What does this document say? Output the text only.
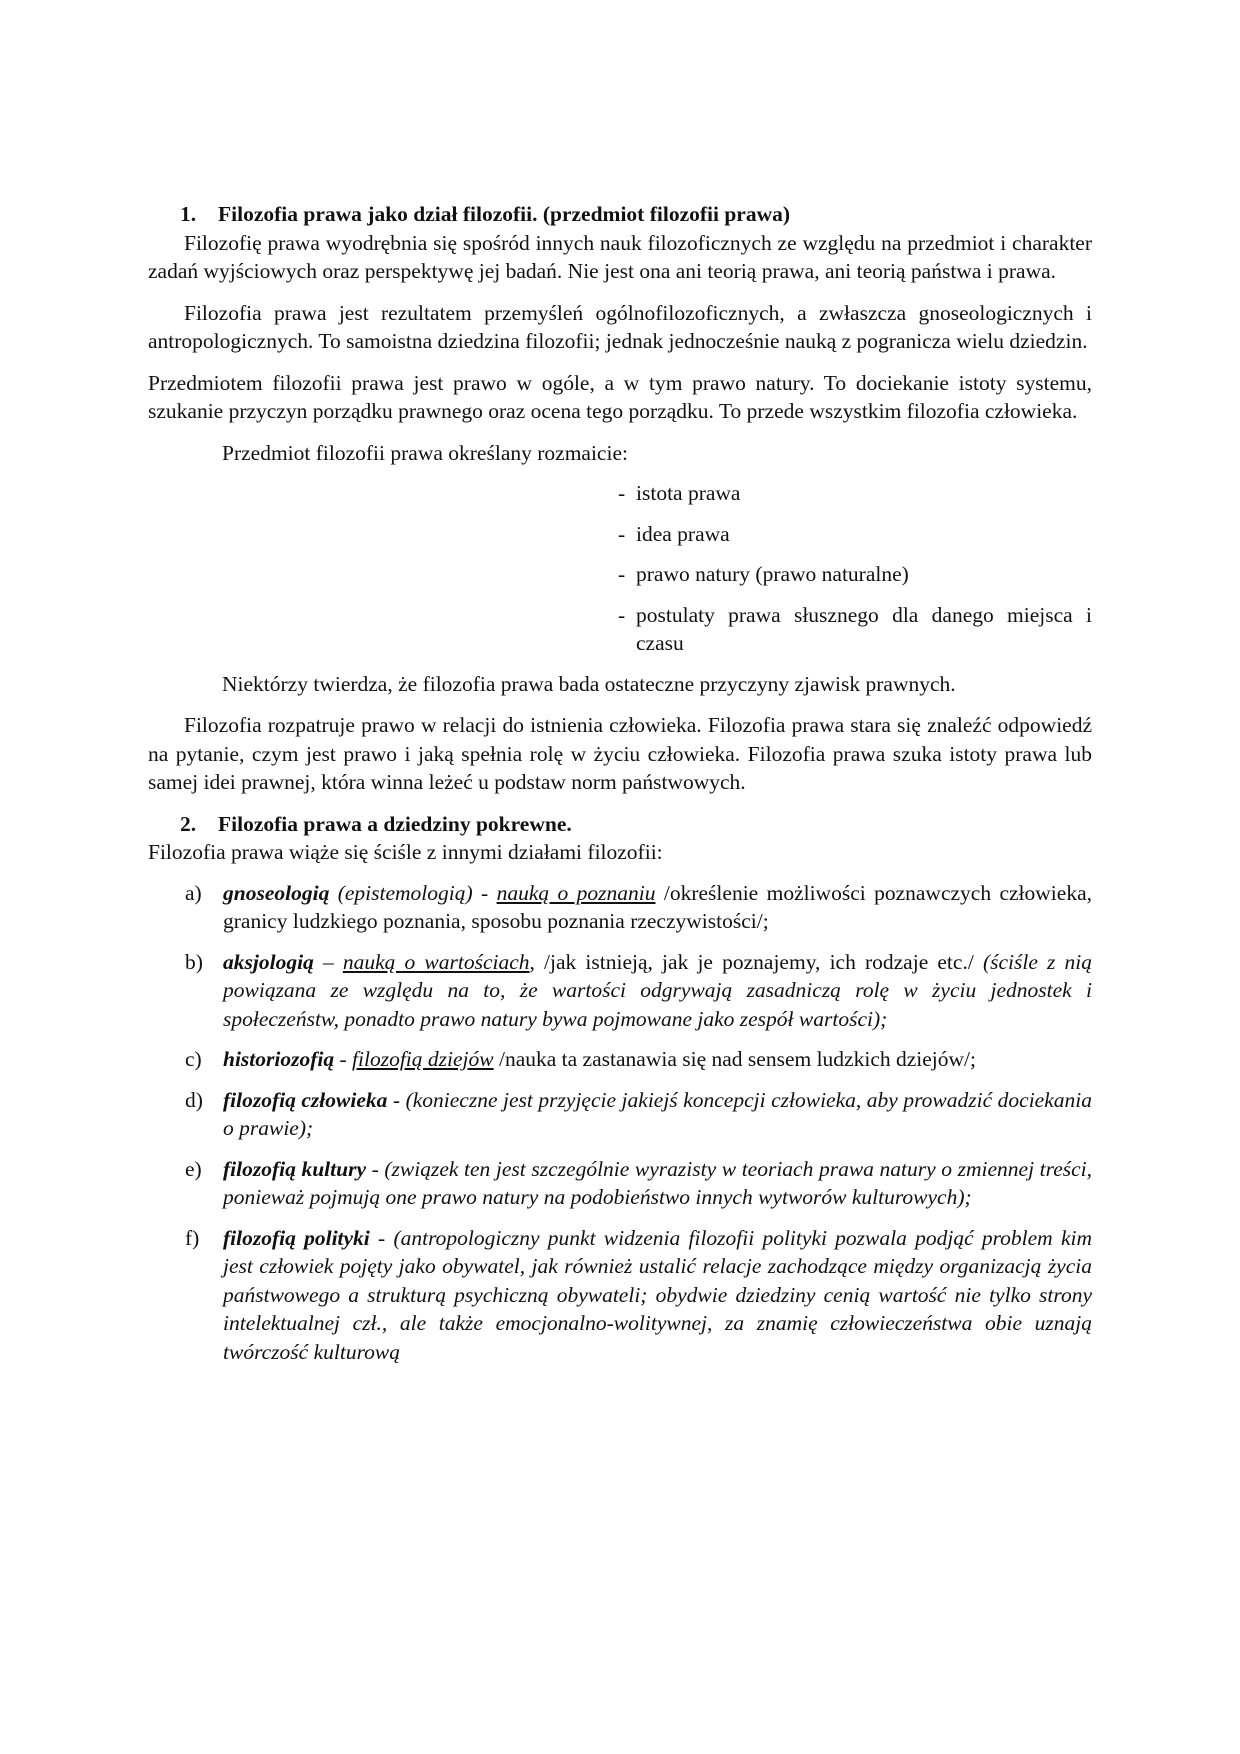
1. Filozofia prawa jako dział filozofii. (przedmiot filozofii prawa)

Filozofię prawa wyodrębnia się spośród innych nauk filozoficznych ze względu na przedmiot i charakter zadań wyjściowych oraz perspektywę jej badań. Nie jest ona ani teorią prawa, ani teorią państwa i prawa.

Filozofia prawa jest rezultatem przemyśleń ogólnofilozoficznych, a zwłaszcza gnoseologicznych i antropologicznych. To samoistna dziedzina filozofii; jednak jednocześnie nauką z pogranicza wielu dziedzin.

Przedmiotem filozofii prawa jest prawo w ogóle, a w tym prawo natury. To dociekanie istoty systemu, szukanie przyczyn porządku prawnego oraz ocena tego porządku. To przede wszystkim filozofia człowieka.

Przedmiot filozofii prawa określany rozmaicie:

- istota prawa
- idea prawa
- prawo natury (prawo naturalne)
- postulaty prawa słusznego dla danego miejsca i czasu

Niektórzy twierdza, że filozofia prawa bada ostateczne przyczyny zjawisk prawnych.

Filozofia rozpatruje prawo w relacji do istnienia człowieka. Filozofia prawa stara się znaleźć odpowiedź na pytanie, czym jest prawo i jaką spełnia rolę w życiu człowieka. Filozofia prawa szuka istoty prawa lub samej idei prawnej, która winna leżeć u podstaw norm państwowych.

2. Filozofia prawa a dziedziny pokrewne.

Filozofia prawa wiąże się ściśle z innymi działami filozofii:

a) gnoseologią (epistemologią) - nauką o poznaniu /określenie możliwości poznawczych człowieka, granicy ludzkiego poznania, sposobu poznania rzeczywistości/;
b) aksjologią – nauką o wartościach, /jak istnieją, jak je poznajemy, ich rodzaje etc./ (ściśle z nią powiązana ze względu na to, że wartości odgrywają zasadniczą rolę w życiu jednostek i społeczeństw, ponadto prawo natury bywa pojmowane jako zespół wartości);
c) historiozofią - filozofią dziejów /nauka ta zastanawia się nad sensem ludzkich dziejów/;
d) filozofią człowieka - (konieczne jest przyjęcie jakiejś koncepcji człowieka, aby prowadzić dociekania o prawie);
e) filozofią kultury - (związek ten jest szczególnie wyrazisty w teoriach prawa natury o zmiennej treści, ponieważ pojmują one prawo natury na podobieństwo innych wytworów kulturowych);
f) filozofią polityki - (antropologiczny punkt widzenia filozofii polityki pozwala podjąć problem kim jest człowiek pojęty jako obywatel, jak również ustalić relacje zachodzące między organizacją życia państwowego a strukturą psychiczną obywateli; obydwie dziedziny cenią wartość nie tylko strony intelektualnej czł., ale także emocjonalno-wolitywnej, za znamię człowieczeństwa obie uznają twórczość kulturową
